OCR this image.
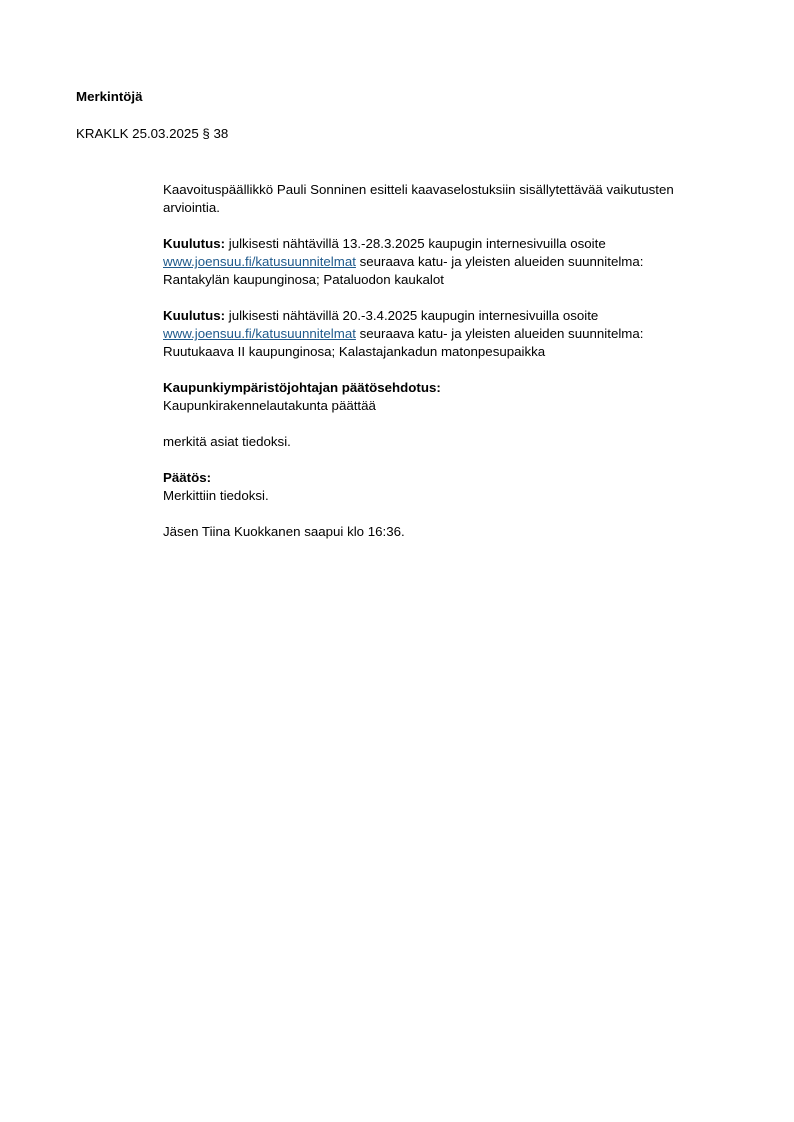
Merkintöjä

KRAKLK 25.03.2025 § 38

Kaavoituspäällikkö Pauli Sonninen esitteli kaavaselostuksiin sisällytettävää vaikutusten arviointia.

Kuulutus: julkisesti nähtävillä 13.-28.3.2025 kaupugin internesivuilla osoite
www.joensuu.fi/katusuunnitelmat seuraava katu- ja yleisten alueiden suunnitelma:
Rantakylän kaupunginosa; Pataluodon kaukalot

Kuulutus: julkisesti nähtävillä 20.-3.4.2025 kaupugin internesivuilla osoite
www.joensuu.fi/katusuunnitelmat seuraava katu- ja yleisten alueiden suunnitelma:
Ruutukaava II kaupunginosa; Kalastajankadun matonpesupaikka

Kaupunkiympäristöjohtajan päätösehdotus:
Kaupunkirakennelautakunta päättää

merkitä asiat tiedoksi.

Päätös:
Merkittiin tiedoksi.

Jäsen Tiina Kuokkanen saapui klo 16:36.
